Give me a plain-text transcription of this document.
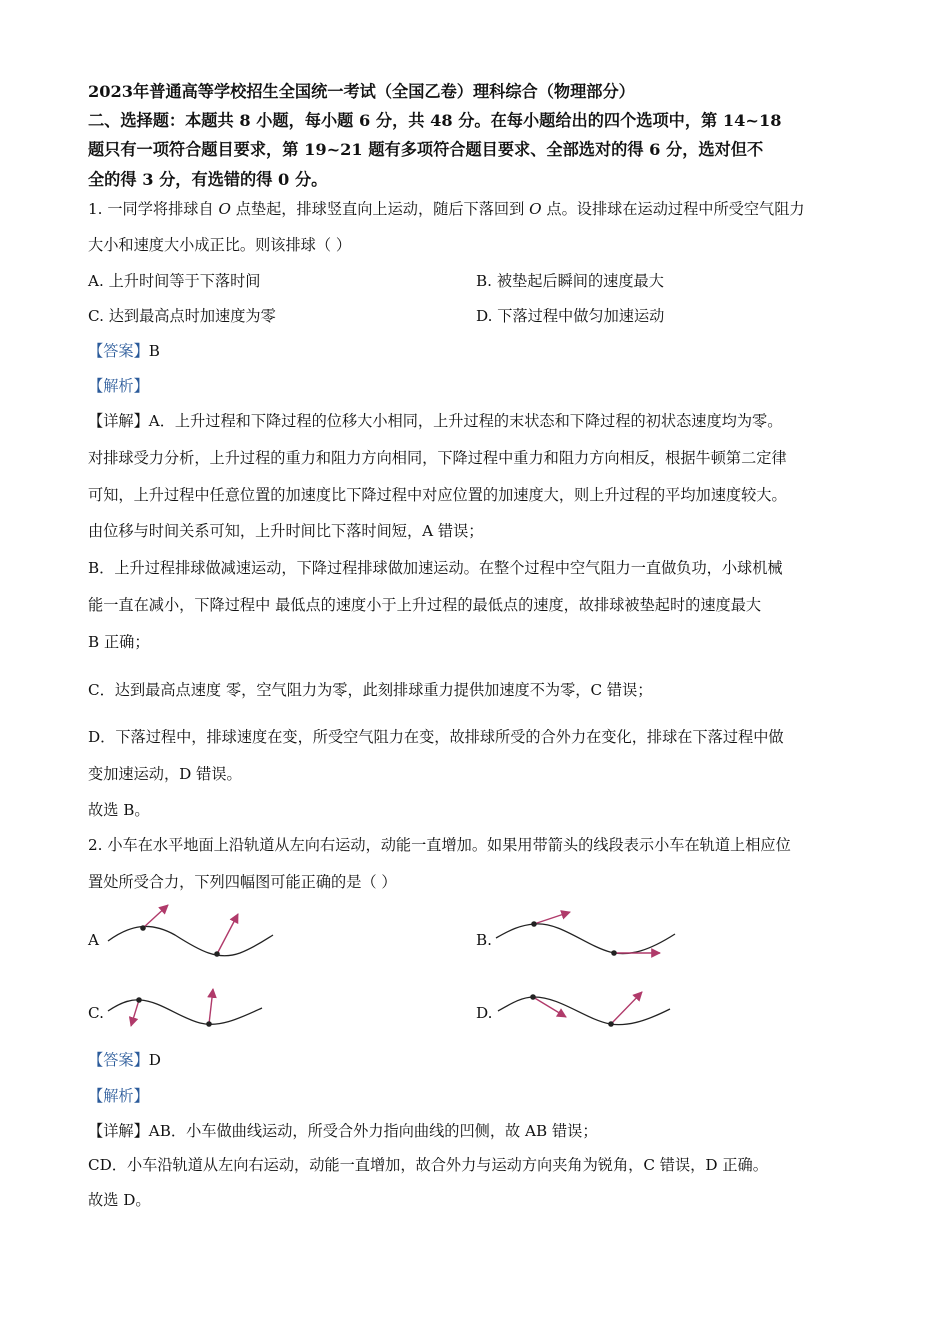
2023年普通高等学校招生全国统一考试（全国乙卷）理科综合（物理部分）
二、选择题：本题共 8 小题，每小题 6 分，共 48 分。在每小题给出的四个选项中，第 14~18
题只有一项符合题目要求，第 19~21 题有多项符合题目要求、全部选对的得 6 分，选对但不
全的得 3 分，有选错的得 0 分。
1. 一同学将排球自 O 点垫起，排球竖直向上运动，随后下落回到 O 点。设排球在运动过程中所受空气阻力
大小和速度大小成正比。则该排球（ ）
A. 上升时间等于下落时间	B. 被垫起后瞬间的速度最大
C. 达到最高点时加速度为零	D. 下落过程中做匀加速运动
【答案】B
【解析】
【详解】A．上升过程和下降过程的位移大小相同，上升过程的末状态和下降过程的初状态速度均为零。
对排球受力分析，上升过程的重力和阻力方向相同，下降过程中重力和阻力方向相反，根据牛顿第二定律
可知，上升过程中任意位置的加速度比下降过程中对应位置的加速度大，则上升过程的平均加速度较大。
由位移与时间关系可知，上升时间比下落时间短，A 错误；
B．上升过程排球做减速运动，下降过程排球做加速运动。在整个过程中空气阻力一直做负功，小球机械
能一直在减小，下降过程中 最低点的速度小于上升过程的最低点的速度，故排球被垫起时的速度最大
B 正确；
C．达到最高点速度 零，空气阻力为零，此刻排球重力提供加速度不为零，C 错误；
D．下落过程中，排球速度在变，所受空气阻力在变，故排球所受的合外力在变化，排球在下落过程中做
变加速运动，D 错误。
故选 B。
2. 小车在水平地面上沿轨道从左向右运动，动能一直增加。如果用带箭头的线段表示小车在轨道上相应位
置处所受合力，下列四幅图可能正确的是（ ）
A	B.
C.	D.
【答案】D
【解析】
【详解】AB．小车做曲线运动，所受合外力指向曲线的凹侧，故 AB 错误；
CD．小车沿轨道从左向右运动，动能一直增加，故合外力与运动方向夹角为锐角，C 错误，D 正确。
故选 D。
